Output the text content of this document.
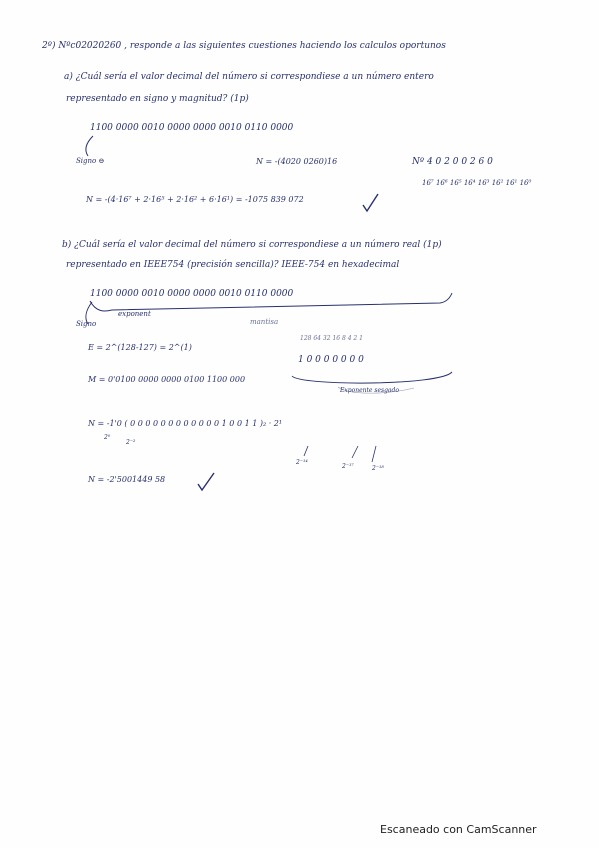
2º) Nºc02020260 , responde a las siguientes cuestiones haciendo los calculos oportunos
a) ¿Cuál sería el valor decimal del número si correspondiese a un número entero
representado en signo y magnitud? (1p)
1100 0000 0010 0000 0000 0010 0110 0000
Signo ⊖	N = -(4020 0260)16	Nº 4 0 2 0 0 2 6 0
16⁷ 16⁶ 16⁵ 16⁴ 16³ 16² 16¹ 16⁰
N = -(4·16⁷ + 2·16⁵ + 2·16² + 6·16¹) = -1075 839 072
b) ¿Cuál sería el valor decimal del número si correspondiese a un número real (1p)
representado en IEEE754 (precisión sencilla)? IEEE-754 en hexadecimal
1100 0000 0010 0000 0000 0010 0110 0000
exponent
mantisa
Signo
E = 2^(128-127) = 2^(1)
128 64 32 16 8 4 2 1
1 0 0 0 0 0 0 0
M = 0'0100 0000 0000 0100 1100 000
Exponente sesgado
N = -1'0 ( 0 0 0 0 0 0 0 0 0 0 0 0 1 0 0 1 1 )₂ · 2¹
2⁰
2⁻²
2⁻¹⁴
2⁻¹⁷	2⁻¹⁸
N = -2'5001449 58
Escaneado con CamScanner
